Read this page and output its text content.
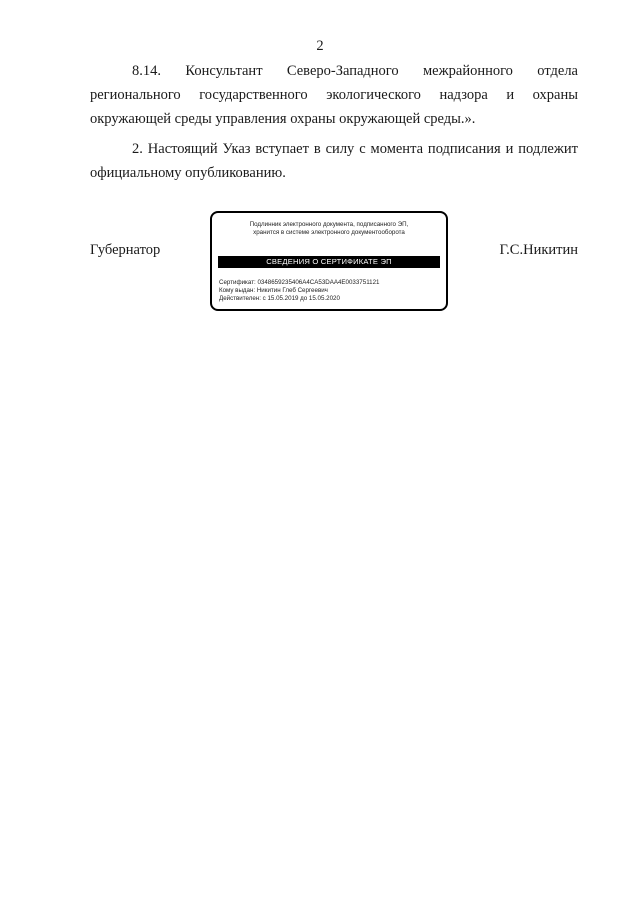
2

8.14. Консультант Северо-Западного межрайонного отдела регионального государственного экологического надзора и охраны окружающей среды управления охраны окружающей среды.».

2. Настоящий Указ вступает в силу с момента подписания и подлежит официальному опубликованию.

Губернатор
Подлинник электронного документа, подписанного ЭП,
хранится в системе электронного документооборота
СВЕДЕНИЯ О СЕРТИФИКАТЕ ЭП
Сертификат: 0348659235406A4CA53DAA4E0033751121
Кому выдан: Никитин Глеб Сергеевич
Действителен: с 15.05.2019 до 15.05.2020
Г.С.Никитин
